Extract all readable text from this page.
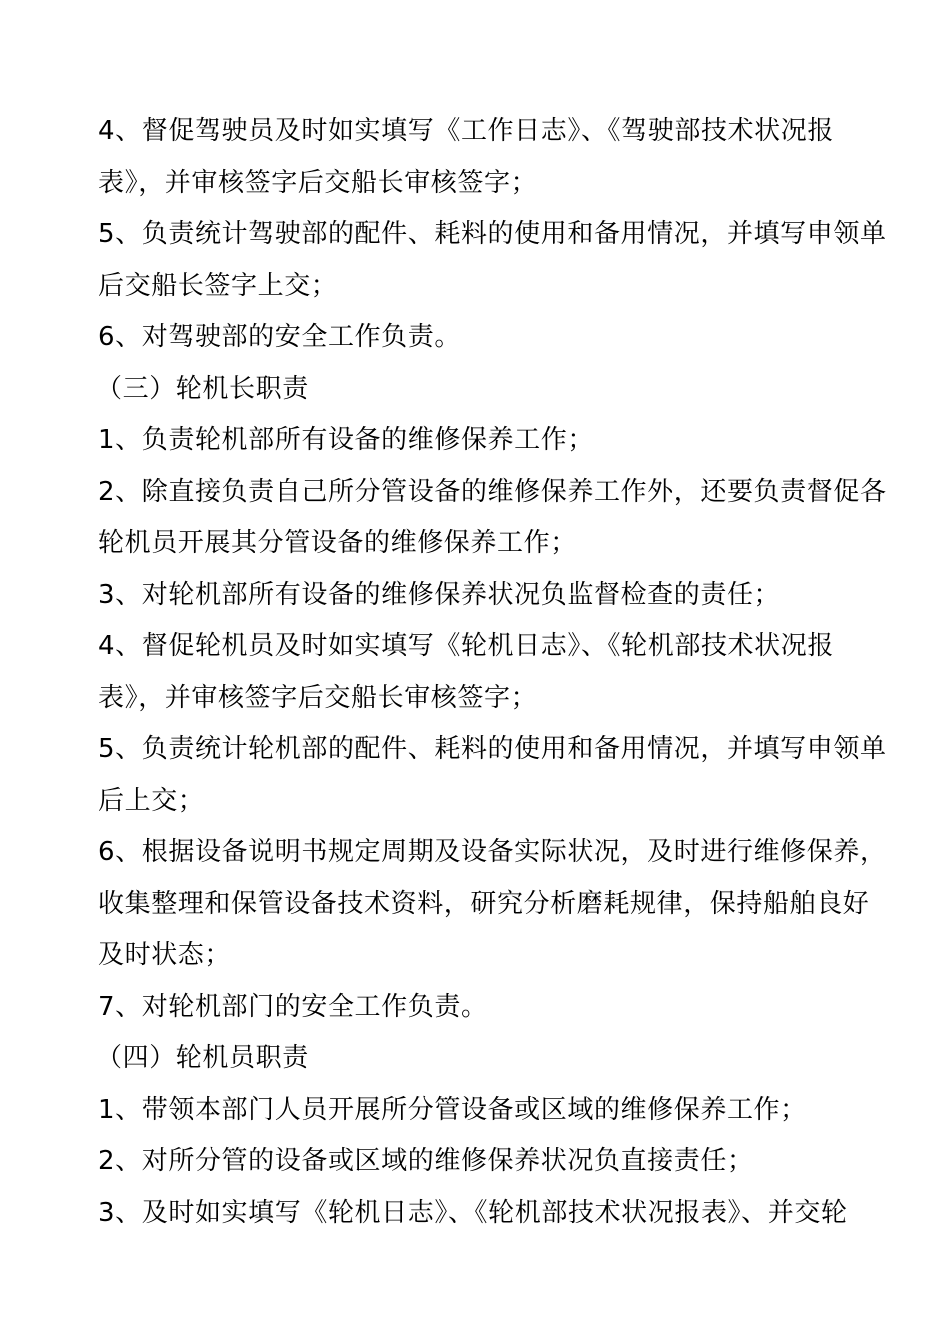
4、督促驾驶员及时如实填写《工作日志》、《驾驶部技术状况报
表》，并审核签字后交船长审核签字；
5、负责统计驾驶部的配件、耗料的使用和备用情况，并填写申领单
后交船长签字上交；
6、对驾驶部的安全工作负责。
（三）轮机长职责
1、负责轮机部所有设备的维修保养工作；
2、除直接负责自己所分管设备的维修保养工作外，还要负责督促各
轮机员开展其分管设备的维修保养工作；
3、对轮机部所有设备的维修保养状况负监督检查的责任；
4、督促轮机员及时如实填写《轮机日志》、《轮机部技术状况报
表》，并审核签字后交船长审核签字；
5、负责统计轮机部的配件、耗料的使用和备用情况，并填写申领单
后上交；
6、根据设备说明书规定周期及设备实际状况，及时进行维修保养，
收集整理和保管设备技术资料，研究分析磨耗规律，保持船舶良好
及时状态；
7、对轮机部门的安全工作负责。
（四）轮机员职责
1、带领本部门人员开展所分管设备或区域的维修保养工作；
2、对所分管的设备或区域的维修保养状况负直接责任；
3、及时如实填写《轮机日志》、《轮机部技术状况报表》、并交轮
